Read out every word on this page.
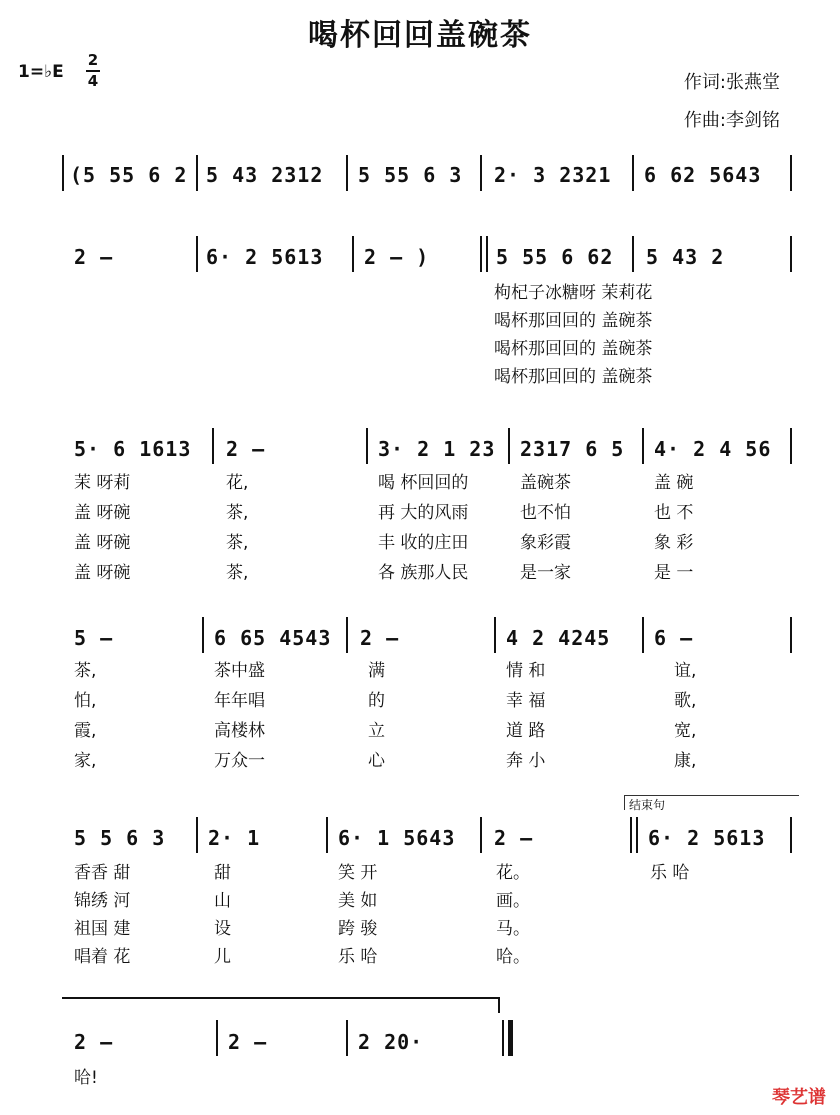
喝杯回回盖碗茶
1=♭E
2
4	作词:张燕堂
作曲:李剑铭
(5 55 6 2 5 43 2312 5 55 6 3 2· 3 2321 6 62 5643
2 –	6· 2 5613 2 – )	5 55 6 62 5 43 2
枸杞子冰糖呀 茉莉花
喝杯那回回的 盖碗茶
喝杯那回回的 盖碗茶
喝杯那回回的 盖碗茶
5· 6 1613 2 –	3· 2 1 23 2317 6 5 4· 2 4 56
茉 呀莉	花,	喝 杯回回的	盖碗茶	盖 碗
盖 呀碗	茶,	再 大的风雨	也不怕	也 不
盖 呀碗	茶,	丰 收的庄田	象彩霞	象 彩
盖 呀碗	茶,	各 族那人民	是一家	是 一
5 –	6 65 4543 2 –	4 2 4245 6 –
茶,	茶中盛	满	情 和	谊,
怕,	年年唱	的	幸 福	歌,
霞,	高楼林	立	道 路	宽,
家,	万众一	心	奔 小	康,
结束句
5 5 6 3 2· 1	6· 1 5643 2 –	6· 2 5613
香香 甜	甜	笑 开	花。	乐 哈
锦绣 河	山	美 如	画。
祖国 建	设	跨 骏	马。
唱着 花	儿	乐 哈	哈。
2 –	2 –	2 20·
哈!
琴艺谱
